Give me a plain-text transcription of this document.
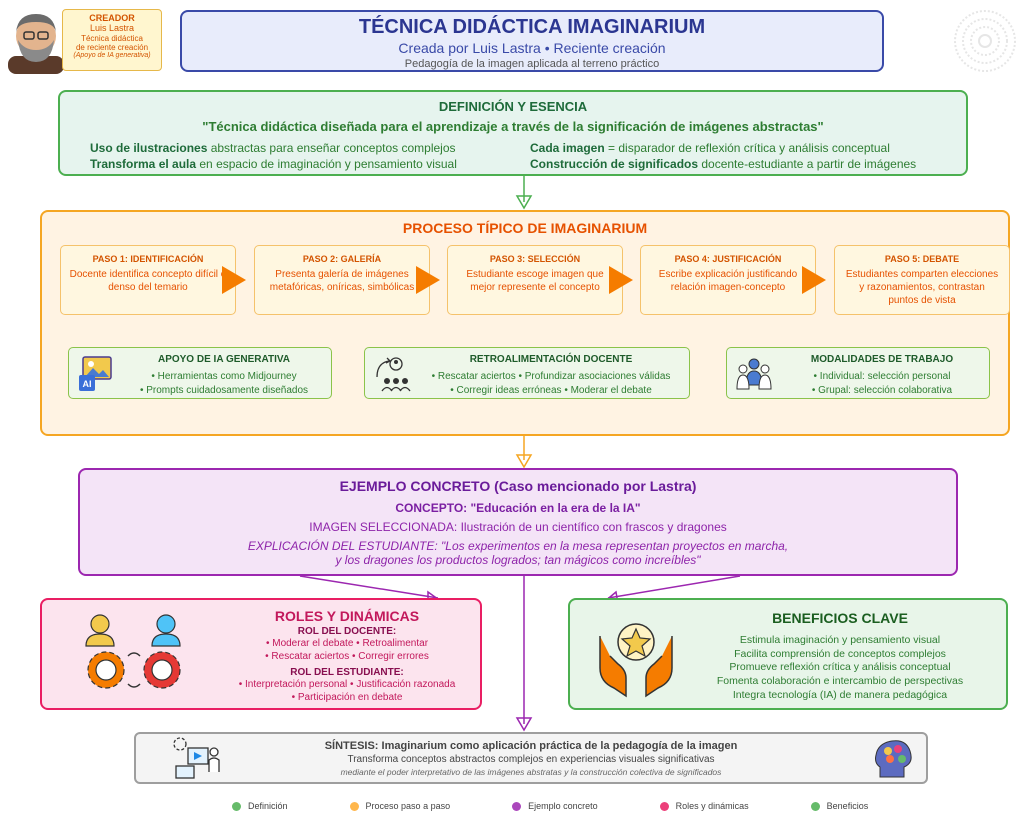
CREADOR
Luis Lastra
Técnica didáctica
de reciente creación
(Apoyo de IA generativa)
TÉCNICA DIDÁCTICA IMAGINARIUM
Creada por Luis Lastra • Reciente creación
Pedagogía de la imagen aplicada al terreno práctico
DEFINICIÓN Y ESENCIA
"Técnica didáctica diseñada para el aprendizaje a través de la significación de imágenes abstractas"
Uso de ilustraciones abstractas para enseñar conceptos complejos
Transforma el aula en espacio de imaginación y pensamiento visual
Cada imagen = disparador de reflexión crítica y análisis conceptual
Construcción de significados docente-estudiante a partir de imágenes
PROCESO TÍPICO DE IMAGINARIUM
PASO 1: IDENTIFICACIÓN
Docente identifica concepto difícil o denso del temario
PASO 2: GALERÍA
Presenta galería de imágenes metafóricas, oníricas, simbólicas
PASO 3: SELECCIÓN
Estudiante escoge imagen que mejor represente el concepto
PASO 4: JUSTIFICACIÓN
Escribe explicación justificando relación imagen-concepto
PASO 5: DEBATE
Estudiantes comparten elecciones y razonamientos, contrastan puntos de vista
AI
APOYO DE IA GENERATIVA
• Herramientas como Midjourney
• Prompts cuidadosamente diseñados
RETROALIMENTACIÓN DOCENTE
• Rescatar aciertos • Profundizar asociaciones válidas
• Corregir ideas erróneas • Moderar el debate
MODALIDADES DE TRABAJO
• Individual: selección personal
• Grupal: selección colaborativa
EJEMPLO CONCRETO (Caso mencionado por Lastra)
CONCEPTO: "Educación en la era de la IA"
IMAGEN SELECCIONADA: Ilustración de un científico con frascos y dragones
EXPLICACIÓN DEL ESTUDIANTE: "Los experimentos en la mesa representan proyectos en marcha,
y los dragones los productos logrados; tan mágicos como increíbles"
ROLES Y DINÁMICAS
ROL DEL DOCENTE:
• Moderar el debate • Retroalimentar
• Rescatar aciertos • Corregir errores
ROL DEL ESTUDIANTE:
• Interpretación personal • Justificación razonada
• Participación en debate
BENEFICIOS CLAVE
Estimula imaginación y pensamiento visual
Facilita comprensión de conceptos complejos
Promueve reflexión crítica y análisis conceptual
Fomenta colaboración e intercambio de perspectivas
Integra tecnología (IA) de manera pedagógica
SÍNTESIS: Imaginarium como aplicación práctica de la pedagogía de la imagen
Transforma conceptos abstractos complejos en experiencias visuales significativas
mediante el poder interpretativo de las imágenes abstratas y la construcción colectiva de significados
Definición	Proceso paso a paso	Ejemplo concreto	Roles y dinámicas	Beneficios
